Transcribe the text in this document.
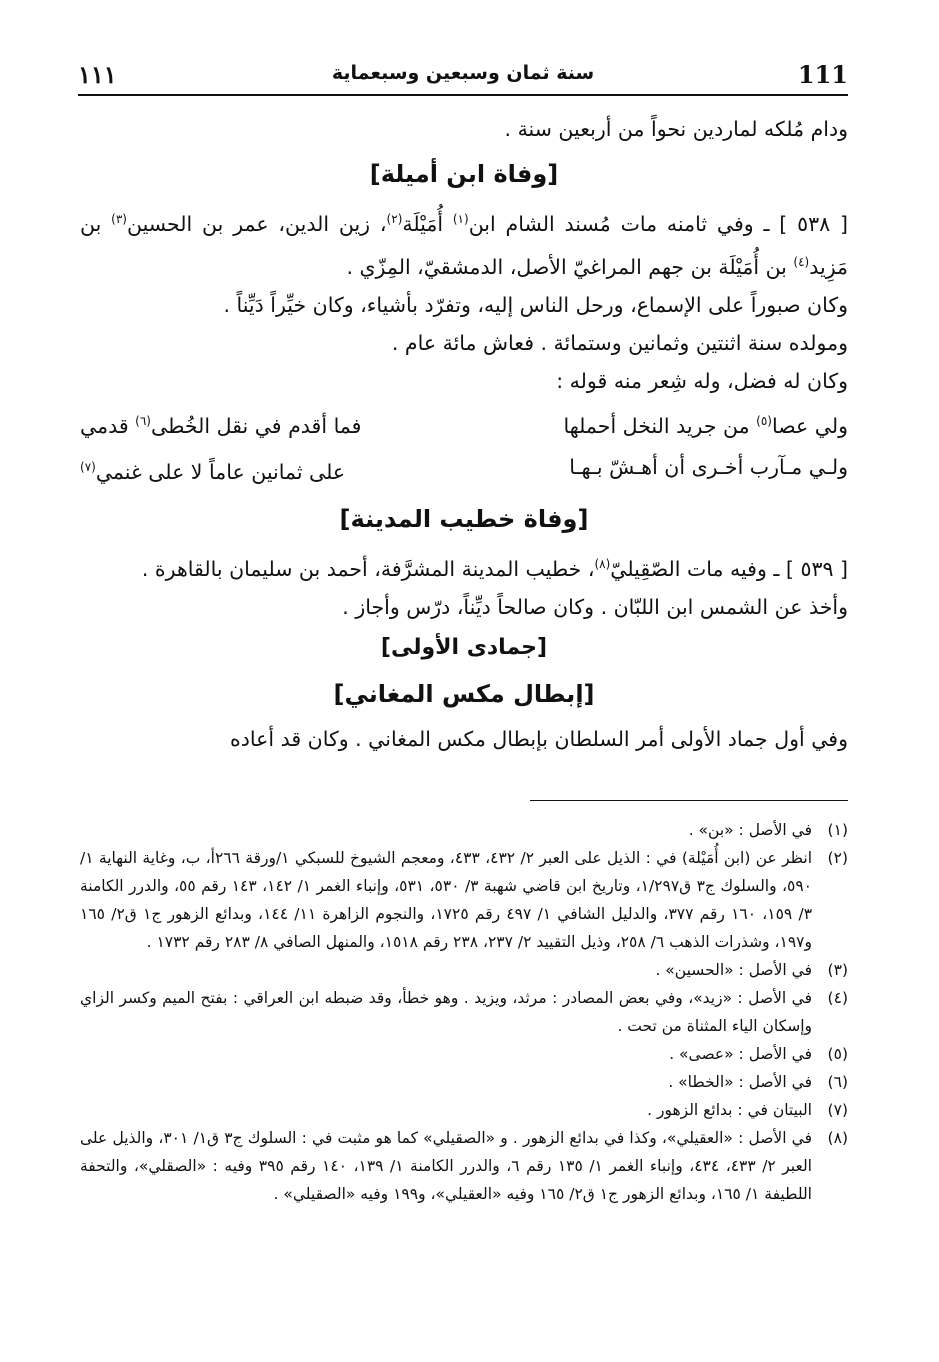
١١١	سنة ثمان وسبعين وسبعماية	111

ودام مُلكه لماردين نحواً من أربعين سنة .

[وفاة ابن أميلة]

[ ٥٣٨ ] ـ وفي ثامنه مات مُسند الشام ابن$^{(١)}$ أُمَيْلَة$^{(٢)}$، زين الدين، عمر بن الحسين$^{(٣)}$ بن مَزِيد$^{(٤)}$ بن أُمَيْلَة بن جهم المراغيّ الأصل، الدمشقيّ، المِزّي .

وكان صبوراً على الإسماع، ورحل الناس إليه، وتفرّد بأشياء، وكان خيِّراً دَيِّناً .

ومولده سنة اثنتين وثمانين وستمائة . فعاش مائة عام .

وكان له فضل، وله شِعر منه قوله :

ولي عصا$^{(٥)}$ من جريد النخل أحملها
فما أقدم في نقل الخُطى$^{(٦)}$ قدمي
ولـي مـآرب أخـرى أن أهـشّ بـهـا
على ثمانين عاماً لا على غنمي$^{(٧)}$
[وفاة خطيب المدينة]

[ ٥٣٩ ] ـ وفيه مات الصّقِيليّ$^{(٨)}$، خطيب المدينة المشرَّفة، أحمد بن سليمان بالقاهرة .

وأخذ عن الشمس ابن اللبّان . وكان صالحاً ديِّناً، درّس وأجاز .

[جمادى الأولى]
[إبطال مكس المغاني]

وفي أول جماد الأولى أمر السلطان بإبطال مكس المغاني . وكان قد أعاده

(١)
في الأصل : «بن» .
(٢)
انظر عن (ابن أُمَيْلة) في : الذيل على العبر ٢/ ٤٣٢، ٤٣٣، ومعجم الشيوخ للسبكي ١/ورقة ٢٦٦أ، ب، وغاية النهاية ١/ ٥٩٠، والسلوك ج٣ ق١/٢٩٧، وتاريخ ابن قاضي شهبة ٣/ ٥٣٠، ٥٣١، وإنباء الغمر ١/ ١٤٢، ١٤٣ رقم ٥٥، والدرر الكامنة ٣/ ١٥٩، ١٦٠ رقم ٣٧٧، والدليل الشافي ١/ ٤٩٧ رقم ١٧٢٥، والنجوم الزاهرة ١١/ ١٤٤، وبدائع الزهور ج١ ق٢/ ١٦٥ و١٩٧، وشذرات الذهب ٦/ ٢٥٨، وذيل التقييد ٢/ ٢٣٧، ٢٣٨ رقم ١٥١٨، والمنهل الصافي ٨/ ٢٨٣ رقم ١٧٣٢ .
(٣)
في الأصل : «الحسين» .
(٤)
في الأصل : «زيد»، وفي بعض المصادر : مرثد، ويزيد . وهو خطأ، وقد ضبطه ابن العراقي : بفتح الميم وكسر الزاي وإسكان الياء المثناة من تحت .
(٥)
في الأصل : «عصى» .
(٦)
في الأصل : «الخطا» .
(٧)
البيتان في : بدائع الزهور .
(٨)
في الأصل : «العقيلي»، وكذا في بدائع الزهور . و «الصقيلي» كما هو مثبت في : السلوك ج٣ ق١/ ٣٠١، والذيل على العبر ٢/ ٤٣٣، ٤٣٤، وإنباء الغمر ١/ ١٣٥ رقم ٦، والدرر الكامنة ١/ ١٣٩، ١٤٠ رقم ٣٩٥ وفيه : «الصقلي»، والتحفة اللطيفة ١/ ١٦٥، وبدائع الزهور ج١ ق٢/ ١٦٥ وفيه «العقيلي»، و١٩٩ وفيه «الصقيلي» .
